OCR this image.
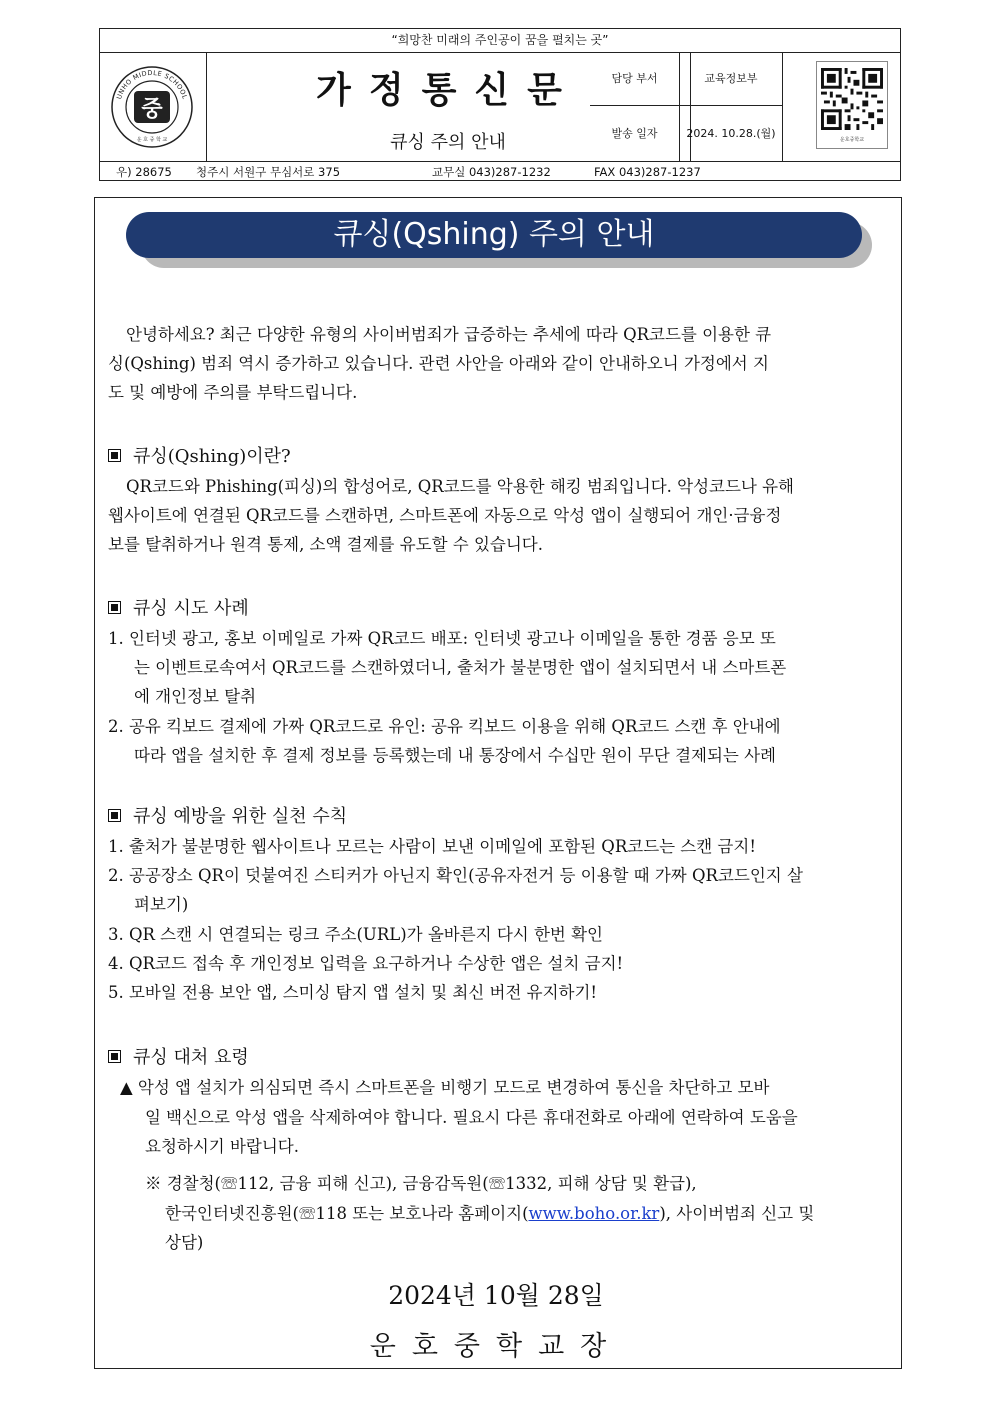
“희망찬 미래의 주인공이 꿈을 펼치는 곳”
UNHO MIDDLE SCHOOL
중
운 호 중 학 교
가정통신문
큐싱 주의 안내
담당 부서	교육정보부
발송 일자	2024. 10.28.(월)	운호중학교
우) 28675 청주시 서원구 무심서로 375	교무실 043)287-1232	FAX 043)287-1237
큐싱(Qshing) 주의 안내
안녕하세요? 최근 다양한 유형의 사이버범죄가 급증하는 추세에 따라 QR코드를 이용한 큐
싱(Qshing) 범죄 역시 증가하고 있습니다. 관련 사안을 아래와 같이 안내하오니 가정에서 지
도 및 예방에 주의를 부탁드립니다.
큐싱(Qshing)이란?
QR코드와 Phishing(피싱)의 합성어로, QR코드를 악용한 해킹 범죄입니다. 악성코드나 유해
웹사이트에 연결된 QR코드를 스캔하면, 스마트폰에 자동으로 악성 앱이 실행되어 개인·금융정
보를 탈취하거나 원격 통제, 소액 결제를 유도할 수 있습니다.
큐싱 시도 사례
1. 인터넷 광고, 홍보 이메일로 가짜 QR코드 배포: 인터넷 광고나 이메일을 통한 경품 응모 또
는 이벤트로속여서 QR코드를 스캔하였더니, 출처가 불분명한 앱이 설치되면서 내 스마트폰
에 개인정보 탈취
2. 공유 킥보드 결제에 가짜 QR코드로 유인: 공유 킥보드 이용을 위해 QR코드 스캔 후 안내에
따라 앱을 설치한 후 결제 정보를 등록했는데 내 통장에서 수십만 원이 무단 결제되는 사례
큐싱 예방을 위한 실천 수칙
1. 출처가 불분명한 웹사이트나 모르는 사람이 보낸 이메일에 포함된 QR코드는 스캔 금지!
2. 공공장소 QR이 덧붙여진 스티커가 아닌지 확인(공유자전거 등 이용할 때 가짜 QR코드인지 살
펴보기)
3. QR 스캔 시 연결되는 링크 주소(URL)가 올바른지 다시 한번 확인
4. QR코드 접속 후 개인정보 입력을 요구하거나 수상한 앱은 설치 금지!
5. 모바일 전용 보안 앱, 스미싱 탐지 앱 설치 및 최신 버전 유지하기!
큐싱 대처 요령
▲ 악성 앱 설치가 의심되면 즉시 스마트폰을 비행기 모드로 변경하여 통신을 차단하고 모바
일 백신으로 악성 앱을 삭제하여야 합니다. 필요시 다른 휴대전화로 아래에 연락하여 도움을
요청하시기 바랍니다.
※ 경찰청(☏112, 금융 피해 신고), 금융감독원(☏1332, 피해 상담 및 환급),
한국인터넷진흥원(☏118 또는 보호나라 홈페이지(www.boho.or.kr), 사이버범죄 신고 및
상담)
2024년 10월 28일
운호중학교장
